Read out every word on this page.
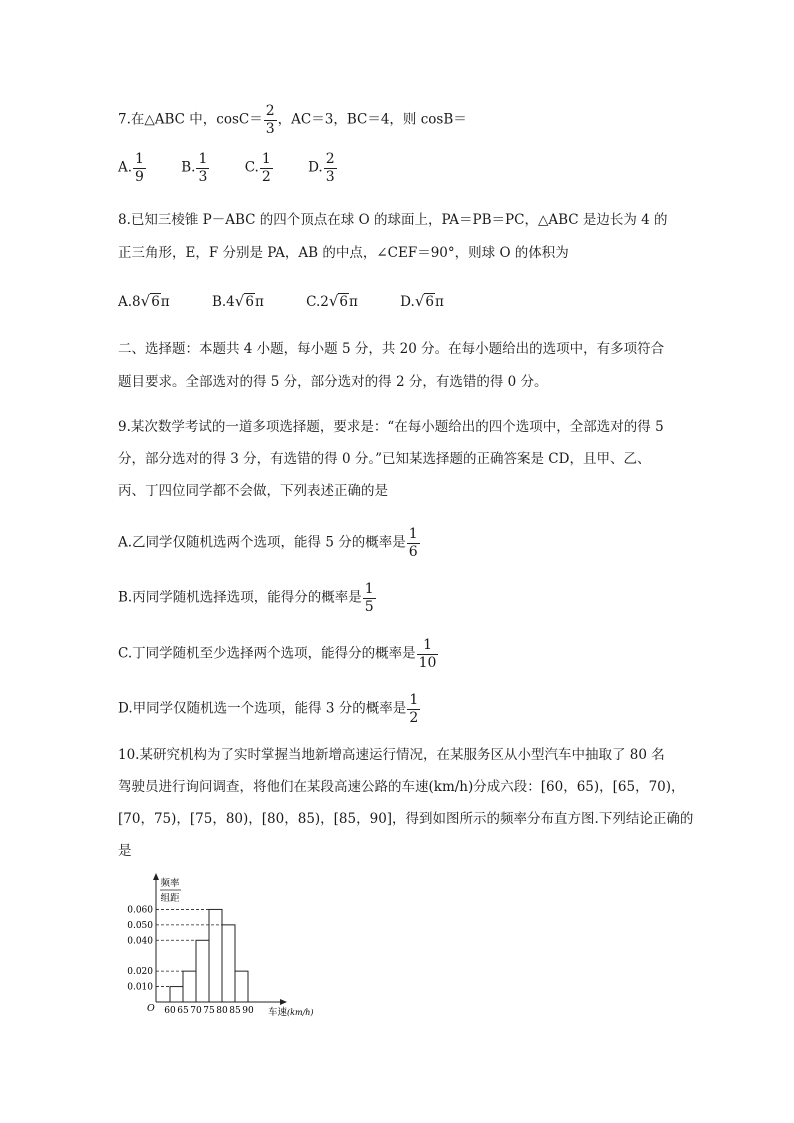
7.在△ABC 中，$\cos C= \frac{2}{3}$ ，AC＝3，BC＝4，则 cosB＝
A. $\frac{1}{9}$	B. $\frac{1}{3}$	C. $\frac{1}{2}$	D. $\frac{2}{3}$
8.已知三棱锥 P－ABC 的四个顶点在球 O 的球面上，PA＝PB＝PC，△ABC 是边长为 4 的
正三角形，E，F 分别是 PA，AB 的中点，∠CEF＝90°，则球 O 的体积为
A.8√6π	B.4√6π	C.2√6π	D.√6π
二、选择题：本题共 4 小题，每小题 5 分，共 20 分。在每小题给出的选项中，有多项符合
题目要求。全部选对的得 5 分，部分选对的得 2 分，有选错的得 0 分。
9.某次数学考试的一道多项选择题，要求是：“在每小题给出的四个选项中，全部选对的得 5
分，部分选对的得 3 分，有选错的得 0 分。”已知某选择题的正确答案是 CD，且甲、乙、
丙、丁四位同学都不会做，下列表述正确的是
A.乙同学仅随机选两个选项，能得 5 分的概率是 $\frac{1}{6}$
B.丙同学随机选择选项，能得分的概率是 $\frac{1}{5}$
C.丁同学随机至少选择两个选项，能得分的概率是 $\frac{1}{10}$
D.甲同学仅随机选一个选项，能得 3 分的概率是 $\frac{1}{2}$
10.某研究机构为了实时掌握当地新增高速运行情况，在某服务区从小型汽车中抽取了 80 名
驾驶员进行询问调查，将他们在某段高速公路的车速(km/h)分成六段：[60，65)，[65，70)，
[70，75)，[75，80)，[80，85)，[85，90]，得到如图所示的频率分布直方图.下列结论正确的
是
频率
组距
O	车速(km/h)
0.010
0.020
0.040
0.050
0.060
60 65 70 75 80 85 90
